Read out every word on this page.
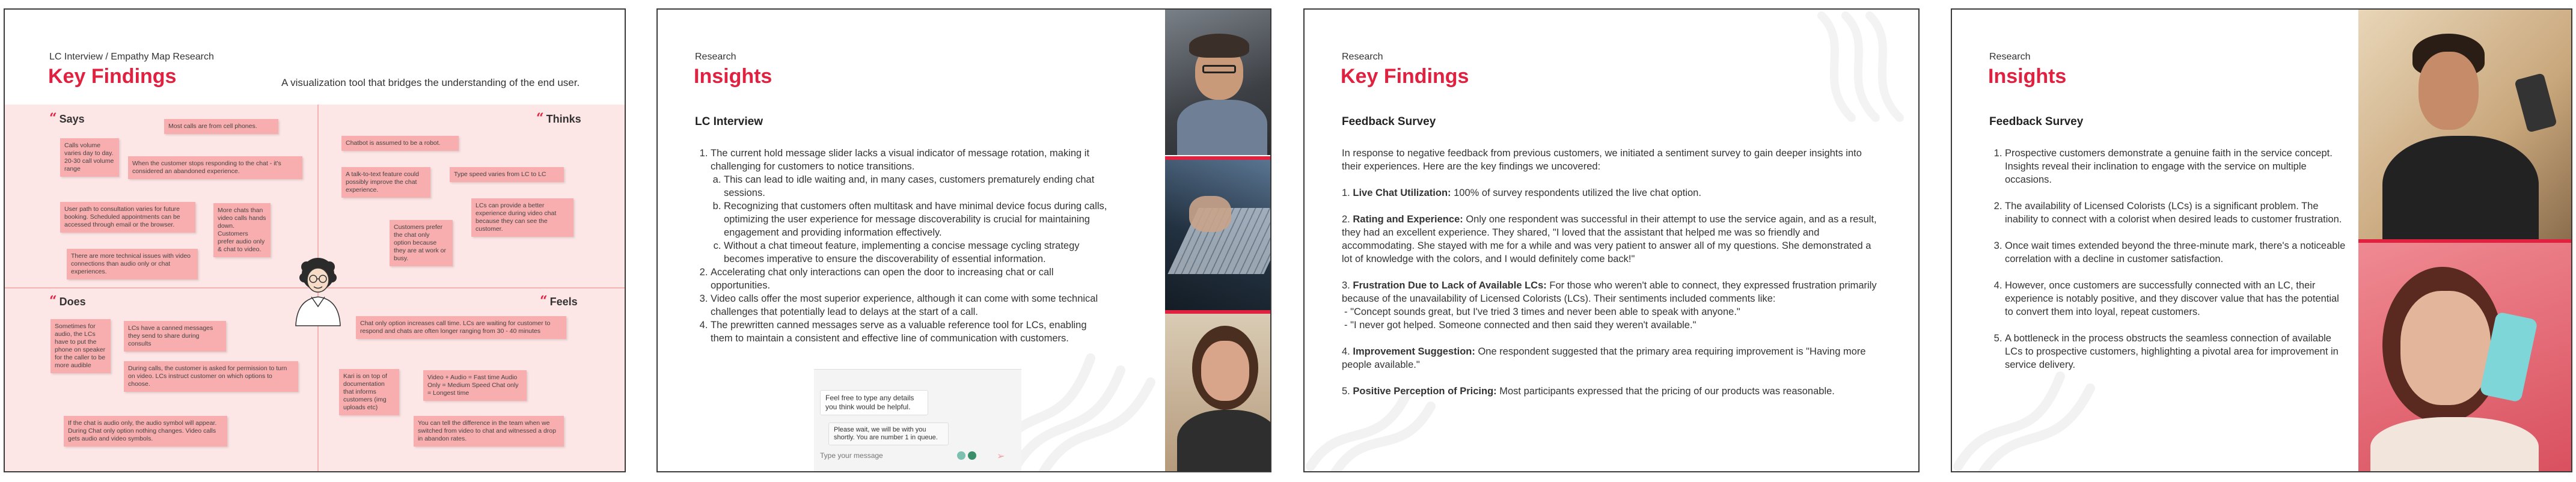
LC Interview / Empathy Map Research
Key Findings	A visualization tool that bridges the understanding of the end user.
“ Says	“ Thinks
“ Does	“ Feels
Most calls are from cell phones.
Calls volume varies day to day. 20-30 call volume range
When the customer stops responding to the chat - it's considered an abandoned experience.
User path to consultation varies for future booking. Scheduled appointments can be accessed through email or the browser.
More chats than video calls hands down. Customers prefer audio only & chat to video.
There are more technical issues with video connections than audio only or chat experiences.
Chatbot is assumed to be a robot.
A talk-to-text feature could possibly improve the chat experience.
Type speed varies from LC to LC
Customers prefer the chat only option because they are at work or busy.
LCs can provide a better experience during video chat because they can see the customer.
Sometimes for audio, the LCs have to put the phone on speaker for the caller to be more audible
LCs have a canned messages they send to share during consults
During calls, the customer is asked for permission to turn on video. LCs instruct customer on which options to choose.
If the chat is audio only, the audio symbol will appear. During Chat only option nothing changes. Video calls gets audio and video symbols.
Chat only option increases call time. LCs are waiting for customer to respond and chats are often longer ranging from 30 - 40 minutes
Kari is on top of documentation that informs customers (img uploads etc)
Video + Audio = Fast time Audio Only = Medium Speed Chat only = Longest time
You can tell the difference in the team when we switched from video to chat and witnessed a drop in abandon rates.
Research
Insights
LC Interview
1. The current hold message slider lacks a visual indicator of message rotation, making it challenging for customers to notice transitions.
a. This can lead to idle waiting and, in many cases, customers prematurely ending chat sessions.
b. Recognizing that customers often multitask and have minimal device focus during calls, optimizing the user experience for message discoverability is crucial for maintaining engagement and providing information effectively.
c. Without a chat timeout feature, implementing a concise message cycling strategy becomes imperative to ensure the discoverability of essential information.
2. Accelerating chat only interactions can open the door to increasing chat or call opportunities.
3. Video calls offer the most superior experience, although it can come with some technical challenges that potentially lead to delays at the start of a call.
4. The prewritten canned messages serve as a valuable reference tool for LCs, enabling them to maintain a consistent and effective line of communication with customers.
Feel free to type any details you think would be helpful.
Please wait, we will be with you shortly. You are number 1 in queue.
Type your message
➢
Research
Key Findings
Feedback Survey

In response to negative feedback from previous customers, we initiated a sentiment survey to gain deeper insights into their experiences. Here are the key findings we uncovered:

1. Live Chat Utilization: 100% of survey respondents utilized the live chat option.

2. Rating and Experience: Only one respondent was successful in their attempt to use the service again, and as a result, they had an excellent experience. They shared, "I loved that the assistant that helped me was so friendly and accommodating. She stayed with me for a while and was very patient to answer all of my questions. She demonstrated a lot of knowledge with the colors, and I would definitely come back!"

3. Frustration Due to Lack of Available LCs: For those who weren't able to connect, they expressed frustration primarily because of the unavailability of Licensed Colorists (LCs). Their sentiments included comments like:

- "Concept sounds great, but I've tried 3 times and never been able to speak with anyone."
- "I never got helped. Someone connected and then said they weren't available."

4. Improvement Suggestion: One respondent suggested that the primary area requiring improvement is "Having more people available."

5. Positive Perception of Pricing: Most participants expressed that the pricing of our products was reasonable.

Research
Insights
Feedback Survey
1. Prospective customers demonstrate a genuine faith in the service concept. Insights reveal their inclination to engage with the service on multiple occasions.
2. The availability of Licensed Colorists (LCs) is a significant problem. The inability to connect with a colorist when desired leads to customer frustration.
3. Once wait times extended beyond the three-minute mark, there's a noticeable correlation with a decline in customer satisfaction.
4. However, once customers are successfully connected with an LC, their experience is notably positive, and they discover value that has the potential to convert them into loyal, repeat customers.
5. A bottleneck in the process obstructs the seamless connection of available LCs to prospective customers, highlighting a pivotal area for improvement in service delivery.
